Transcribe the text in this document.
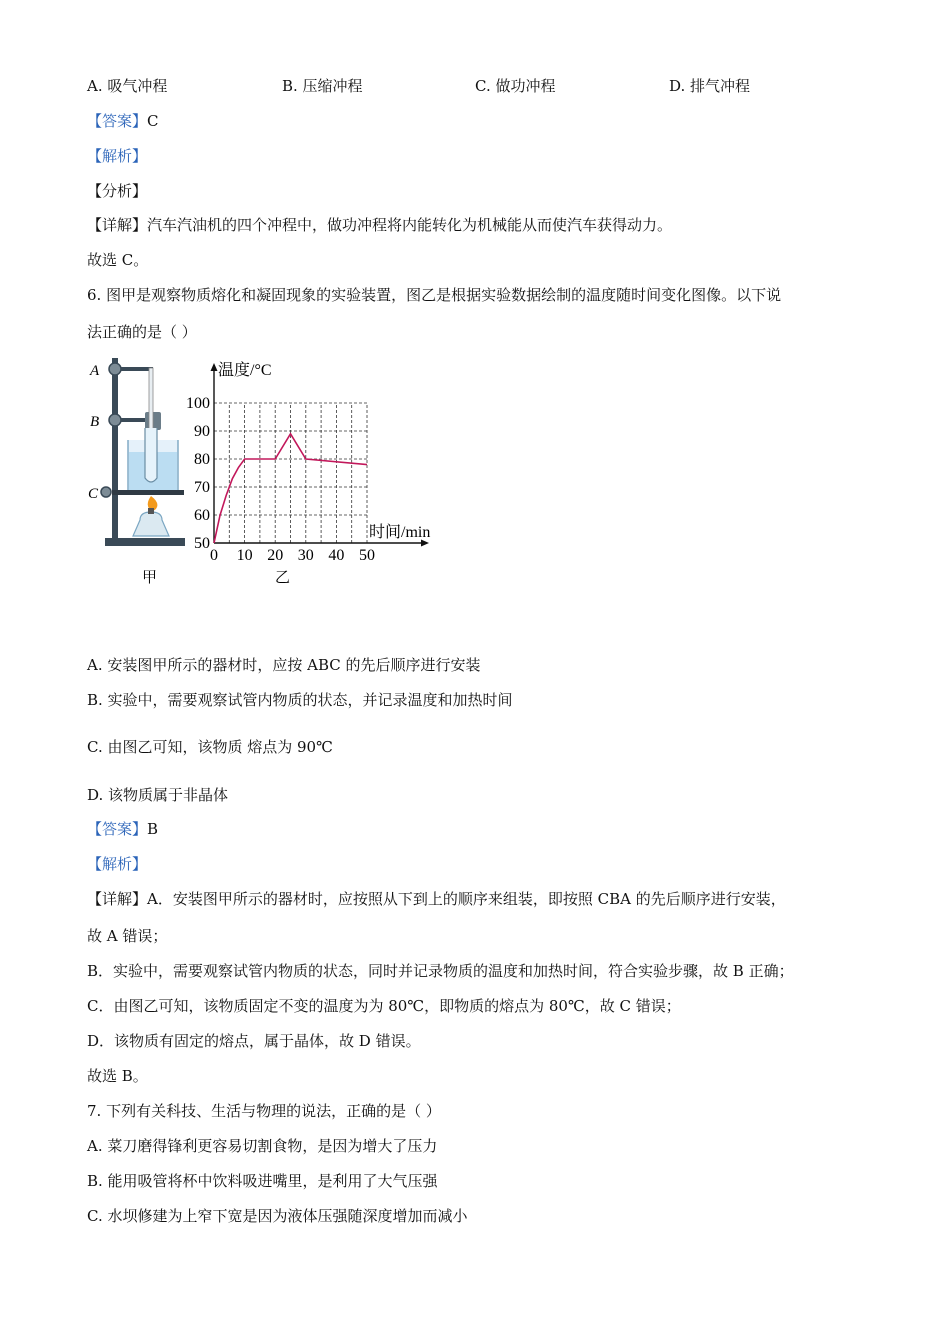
A. 吸气冲程	B. 压缩冲程	C. 做功冲程	D. 排气冲程
【答案】C
【解析】
【分析】
【详解】汽车汽油机的四个冲程中，做功冲程将内能转化为机械能从而使汽车获得动力。
故选 C。
6. 图甲是观察物质熔化和凝固现象的实验装置，图乙是根据实验数据绘制的温度随时间变化图像。以下说
法正确的是（ ）
A
B
C
甲
0 10 20 30 40 50
50
60
70
80
90
100
温度/°C
时间/min
乙
A. 安装图甲所示的器材时，应按 ABC 的先后顺序进行安装
B. 实验中，需要观察试管内物质的状态，并记录温度和加热时间
C. 由图乙可知，该物质 熔点为 90℃
D. 该物质属于非晶体
【答案】B
【解析】
【详解】A．安装图甲所示的器材时，应按照从下到上的顺序来组装，即按照 CBA 的先后顺序进行安装，
故 A 错误；
B．实验中，需要观察试管内物质的状态，同时并记录物质的温度和加热时间，符合实验步骤，故 B 正确；
C．由图乙可知，该物质固定不变的温度为为 80℃，即物质的熔点为 80℃，故 C 错误；
D．该物质有固定的熔点，属于晶体，故 D 错误。
故选 B。
7. 下列有关科技、生活与物理的说法，正确的是（ ）
A. 菜刀磨得锋利更容易切割食物，是因为增大了压力
B. 能用吸管将杯中饮料吸进嘴里，是利用了大气压强
C. 水坝修建为上窄下宽是因为液体压强随深度增加而减小
